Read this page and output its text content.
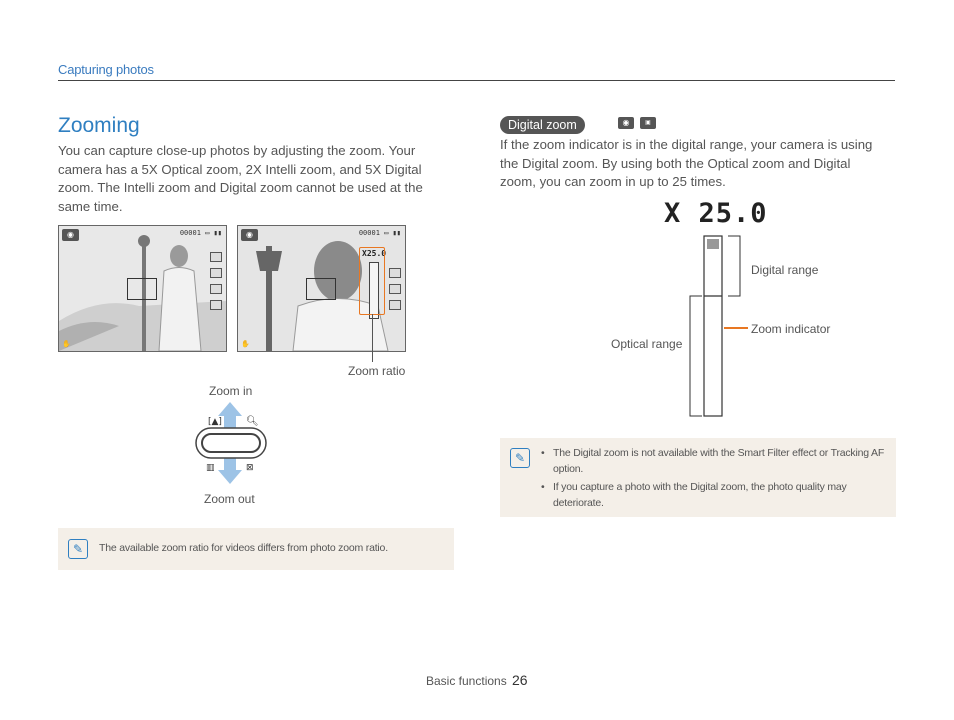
Capturing photos
Zooming
You can capture close-up photos by adjusting the zoom. Your camera has a 5X Optical zoom, 2X Intelli zoom, and 5X Digital zoom. The Intelli zoom and Digital zoom cannot be used at the same time.
◉	00001 ▭ ▮▮
✋
◉	00001 ▭ ▮▮
X25.0
✋
Zoom ratio
Zoom in
[▲] 🔍︎
▥	⊠
Zoom out
✎	The available zoom ratio for videos differs from photo zoom ratio.
Digital zoom	◉	▣
If the zoom indicator is in the digital range, your camera is using the Digital zoom. By using both the Optical zoom and Digital zoom, you can zoom in up to 25 times.
X 25.0
Digital range
Zoom indicator
Optical range
✎
•	The Digital zoom is not available with the Smart Filter effect or Tracking AF option.
• If you capture a photo with the Digital zoom, the photo quality may deteriorate.
Basic functions 26
